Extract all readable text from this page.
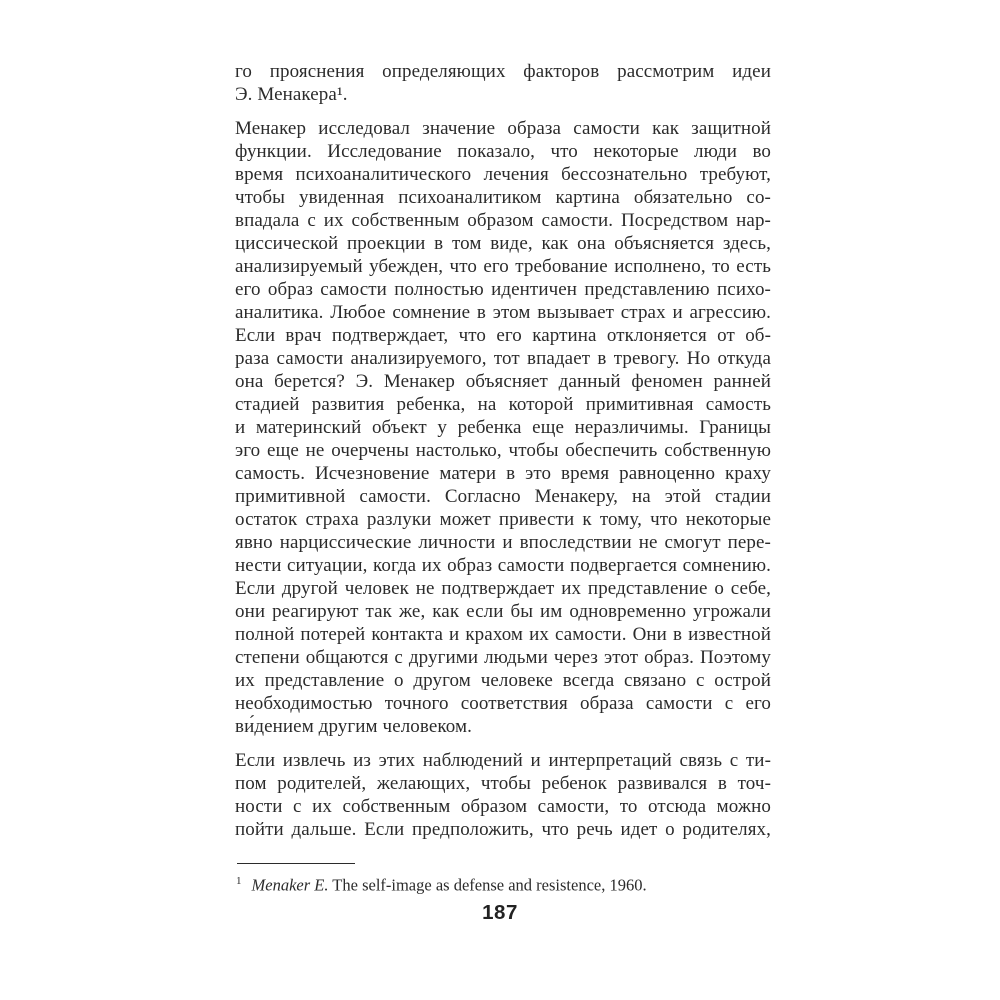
го прояснения определяющих факторов рассмотрим идеи
Э. Менакера¹.
Менакер исследовал значение образа самости как защитной
функции. Исследование показало, что некоторые люди во
время психоаналитического лечения бессознательно требуют,
чтобы увиденная психоаналитиком картина обязательно со-
впадала с их собственным образом самости. Посредством нар-
циссической проекции в том виде, как она объясняется здесь,
анализируемый убежден, что его требование исполнено, то есть
его образ самости полностью идентичен представлению психо-
аналитика. Любое сомнение в этом вызывает страх и агрессию.
Если врач подтверждает, что его картина отклоняется от об-
раза самости анализируемого, тот впадает в тревогу. Но откуда
она берется? Э. Менакер объясняет данный феномен ранней
стадией развития ребенка, на которой примитивная самость
и материнский объект у ребенка еще неразличимы. Границы
эго еще не очерчены настолько, чтобы обеспечить собственную
самость. Исчезновение матери в это время равноценно краху
примитивной самости. Согласно Менакеру, на этой стадии
остаток страха разлуки может привести к тому, что некоторые
явно нарциссические личности и впоследствии не смогут пере-
нести ситуации, когда их образ самости подвергается сомнению.
Если другой человек не подтверждает их представление о себе,
они реагируют так же, как если бы им одновременно угрожали
полной потерей контакта и крахом их самости. Они в известной
степени общаются с другими людьми через этот образ. Поэтому
их представление о другом человеке всегда связано с острой
необходимостью точного соответствия образа самости с его
ви́дением другим человеком.
Если извлечь из этих наблюдений и интерпретаций связь с ти-
пом родителей, желающих, чтобы ребенок развивался в точ-
ности с их собственным образом самости, то отсюда можно
пойти дальше. Если предположить, что речь идет о родителях,
$^1$ Menaker E. The self-image as defense and resistence, 1960.
187
